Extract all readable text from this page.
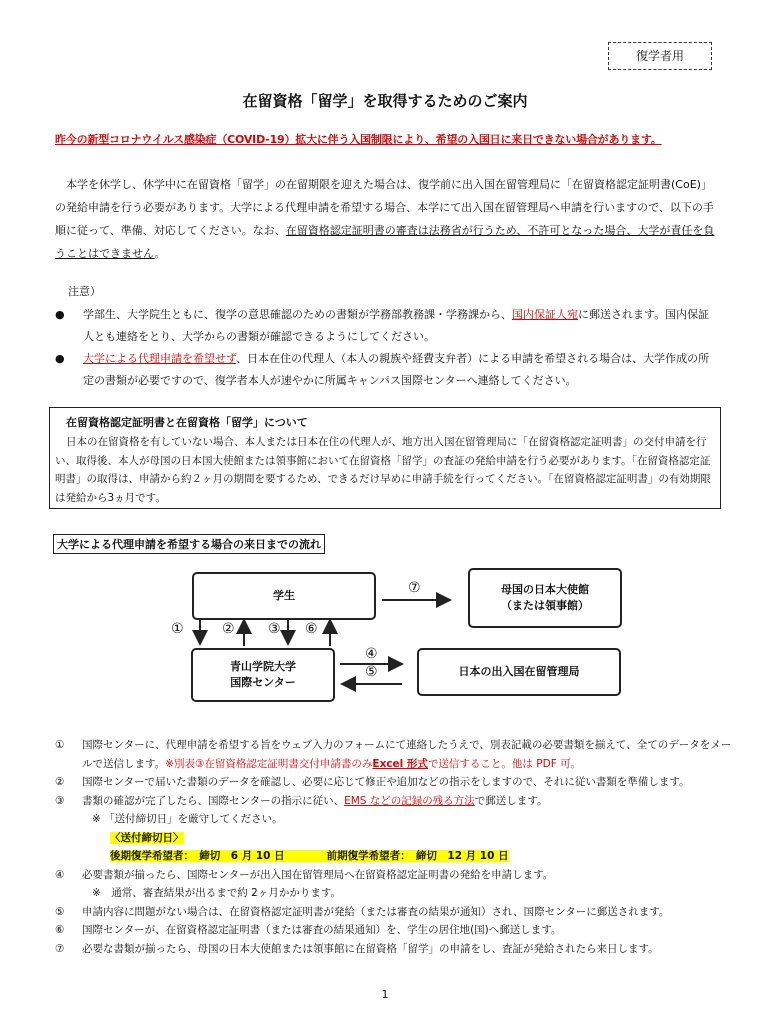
復学者用
在留資格「留学」を取得するためのご案内
昨今の新型コロナウイルス感染症（COVID-19）拡大に伴う入国制限により、希望の入国日に来日できない場合があります。

本学を休学し、休学中に在留資格「留学」の在留期限を迎えた場合は、復学前に出入国在留管理局に「在留資格認定証明書(CoE)」の発給申請を行う必要があります。大学による代理申請を希望する場合、本学にて出入国在留管理局へ申請を行いますので、以下の手順に従って、準備、対応してください。なお、在留資格認定証明書の審査は法務省が行うため、不許可となった場合、大学が責任を負うことはできません。

注意）
● 学部生、大学院生ともに、復学の意思確認のための書類が学務部教務課・学務課から、国内保証人宛に郵送されます。国内保証人とも連絡をとり、大学からの書類が確認できるようにしてください。
● 大学による代理申請を希望せず、日本在住の代理人（本人の親族や経費支弁者）による申請を希望される場合は、大学作成の所定の書類が必要ですので、復学者本人が速やかに所属キャンパス国際センターへ連絡してください。
在留資格認定証明書と在留資格「留学」について
日本の在留資格を有していない場合、本人または日本在住の代理人が、地方出入国在留管理局に「在留資格認定証明書」の交付申請を行い、取得後、本人が母国の日本国大使館または領事館において在留資格「留学」の査証の発給申請を行う必要があります。「在留資格認定証明書」の取得は、申請から約２ヶ月の期間を要するため、できるだけ早めに申請手続を行ってください。「在留資格認定証明書」の有効期限は発給から3ヵ月です。
大学による代理申請を希望する場合の来日までの流れ
学生	母国の日本大使館
（または領事館）
青山学院大学
国際センター
日本の出入国在留管理局
⑦
①	② ③ ⑥
④
⑤
① 国際センターに、代理申請を希望する旨をウェブ入力のフォームにて連絡したうえで、別表記載の必要書類を揃えて、全てのデータをメールで送信します。※別表③在留資格認定証明書交付申請書のみExcel 形式で送信すること。他は PDF 可。
② 国際センターで届いた書類のデータを確認し、必要に応じて修正や追加などの指示をしますので、それに従い書類を準備します。
③ 書類の確認が完了したら、国際センターの指示に従い、EMS などの記録の残る方法で郵送します。
※ 「送付締切日」を厳守してください。
〈送付締切日〉
後期復学希望者：　締切　6 月 10 日　　　　前期復学希望者：　締切　12 月 10 日
④ 必要書類が揃ったら、国際センターが出入国在留管理局へ在留資格認定証明書の発給を申請します。
※　通常、審査結果が出るまで約 2ヶ月かかります。
⑤ 申請内容に問題がない場合は、在留資格認定証明書が発給（または審査の結果が通知）され、国際センターに郵送されます。
⑥ 国際センターが、在留資格認定証明書（または審査の結果通知）を、学生の居住地(国)へ郵送します。
⑦ 必要な書類が揃ったら、母国の日本大使館または領事館に在留資格「留学」の申請をし、査証が発給されたら来日します。
1
